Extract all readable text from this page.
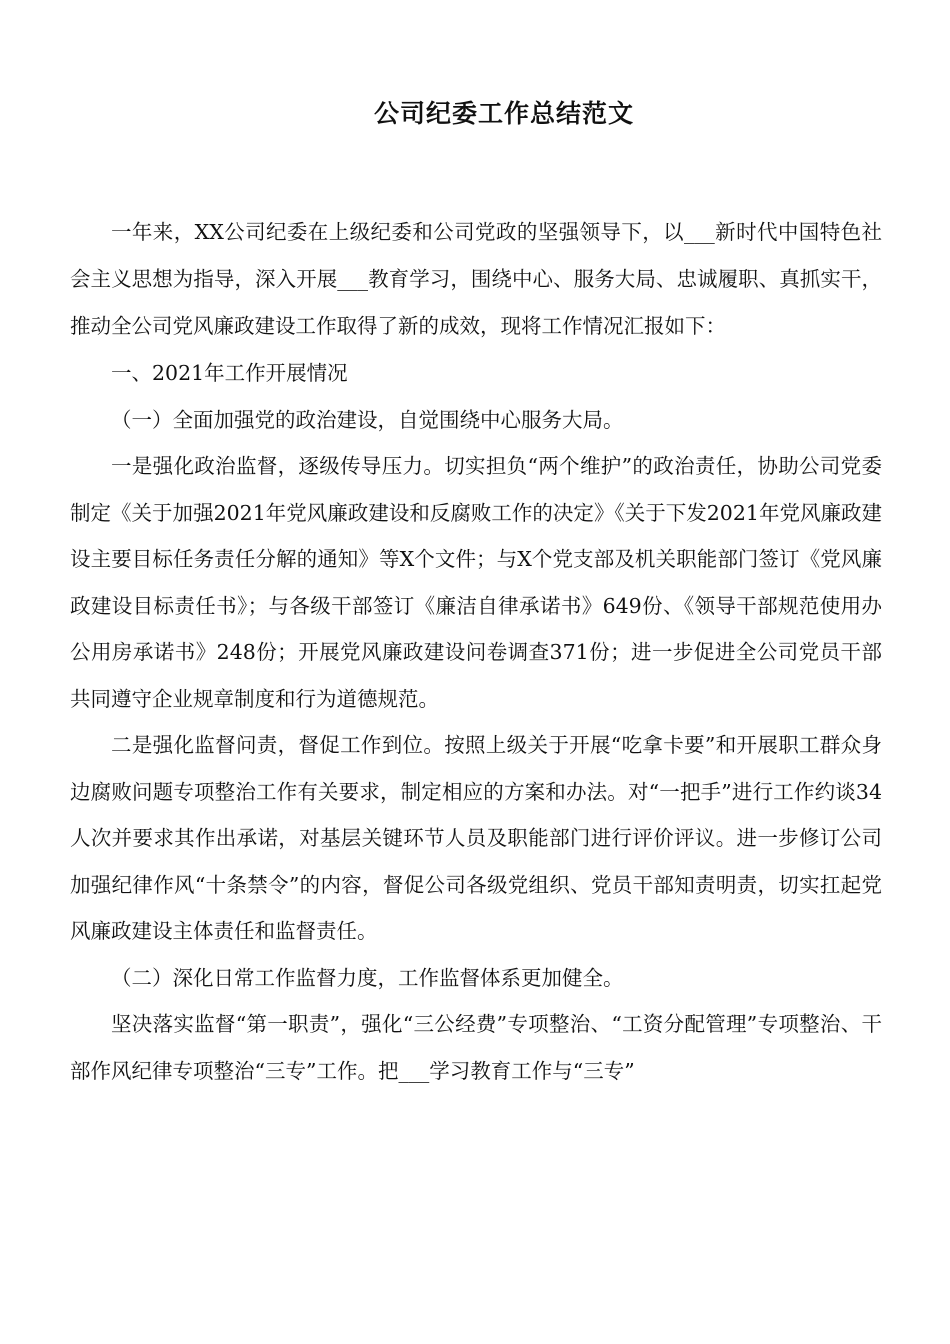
公司纪委工作总结范文

一年来，XX公司纪委在上级纪委和公司党政的坚强领导下，以___新时代中国特色社会主义思想为指导，深入开展___教育学习，围绕中心、服务大局、忠诚履职、真抓实干，推动全公司党风廉政建设工作取得了新的成效，现将工作情况汇报如下：

一、2021年工作开展情况

（一）全面加强党的政治建设，自觉围绕中心服务大局。

一是强化政治监督，逐级传导压力。切实担负“两个维护”的政治责任，协助公司党委制定《关于加强2021年党风廉政建设和反腐败工作的决定》《关于下发2021年党风廉政建设主要目标任务责任分解的通知》等X个文件；与X个党支部及机关职能部门签订《党风廉政建设目标责任书》；与各级干部签订《廉洁自律承诺书》649份、《领导干部规范使用办公用房承诺书》248份；开展党风廉政建设问卷调查371份；进一步促进全公司党员干部共同遵守企业规章制度和行为道德规范。

二是强化监督问责，督促工作到位。按照上级关于开展“吃拿卡要”和开展职工群众身边腐败问题专项整治工作有关要求，制定相应的方案和办法。对“一把手”进行工作约谈34人次并要求其作出承诺，对基层关键环节人员及职能部门进行评价评议。进一步修订公司加强纪律作风“十条禁令”的内容，督促公司各级党组织、党员干部知责明责，切实扛起党风廉政建设主体责任和监督责任。

（二）深化日常工作监督力度，工作监督体系更加健全。

坚决落实监督“第一职责”，强化“三公经费”专项整治、“工资分配管理”专项整治、干部作风纪律专项整治“三专”工作。把___学习教育工作与“三专”
